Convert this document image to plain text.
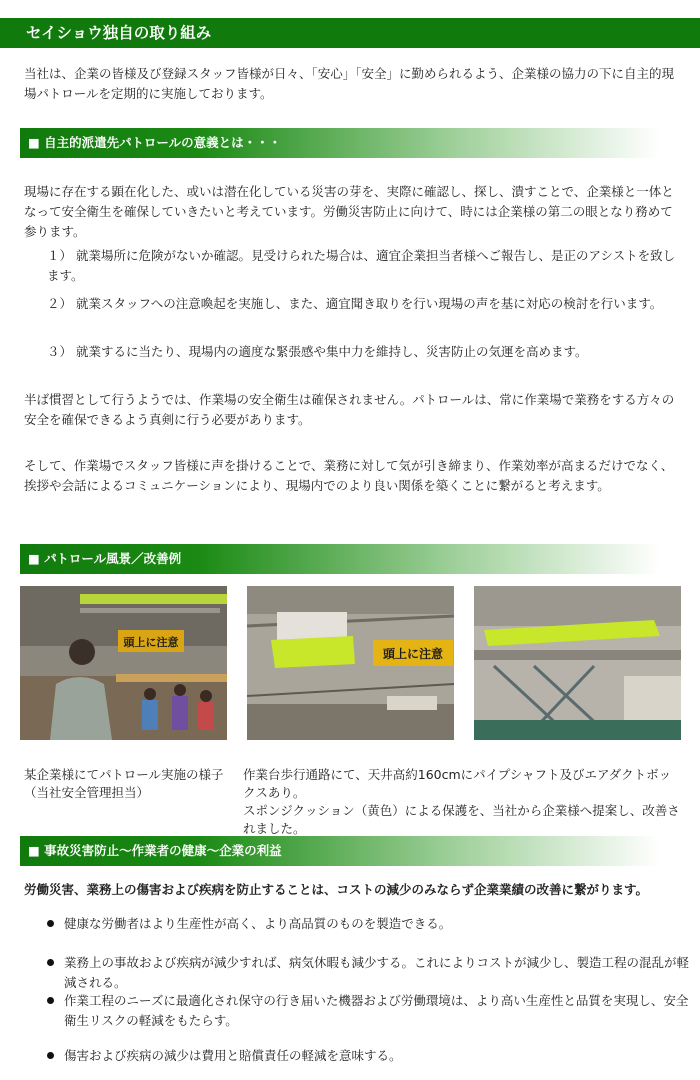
セイショウ独自の取り組み

当社は、企業の皆様及び登録スタッフ皆様が日々、「安心」「安全」に勤められるよう、企業様の協力の下に自主的現場パトロールを定期的に実施しております。

■ 自主的派遣先パトロールの意義とは・・・

現場に存在する顕在化した、或いは潜在化している災害の芽を、実際に確認し、探し、潰すことで、企業様と一体となって安全衛生を確保していきたいと考えています。労働災害防止に向けて、時には企業様の第二の眼となり務めて参ります。

１） 就業場所に危険がないか確認。見受けられた場合は、適宜企業担当者様へご報告し、是正のアシストを致します。
２） 就業スタッフへの注意喚起を実施し、また、適宜聞き取りを行い現場の声を基に対応の検討を行います。
３） 就業するに当たり、現場内の適度な緊張感や集中力を維持し、災害防止の気運を高めます。

半ば慣習として行うようでは、作業場の安全衛生は確保されません。パトロールは、常に作業場で業務をする方々の安全を確保できるよう真剣に行う必要があります。

そして、作業場でスタッフ皆様に声を掛けることで、業務に対して気が引き締まり、作業効率が高まるだけでなく、挨拶や会話によるコミュニケーションにより、現場内でのより良い関係を築くことに繋がると考えます。

■ パトロール風景／改善例
頭上に注意
頭上に注意
某企業様にてパトロール実施の様子
（当社安全管理担当）
作業台歩行通路にて、天井高約160cmにパイプシャフト及びエアダクトボックスあり。
スポンジクッション（黄色）による保護を、当社から企業様へ提案し、改善されました。
■ 事故災害防止～作業者の健康～企業の利益
労働災害、業務上の傷害および疾病を防止することは、コストの減少のみならず企業業績の改善に繋がります。
健康な労働者はより生産性が高く、より高品質のものを製造できる。
業務上の事故および疾病が減少すれば、病気休暇も減少する。これによりコストが減少し、製造工程の混乱が軽減される。
作業工程のニーズに最適化され保守の行き届いた機器および労働環境は、より高い生産性と品質を実現し、安全衛生リスクの軽減をもたらす。
傷害および疾病の減少は費用と賠償責任の軽減を意味する。
